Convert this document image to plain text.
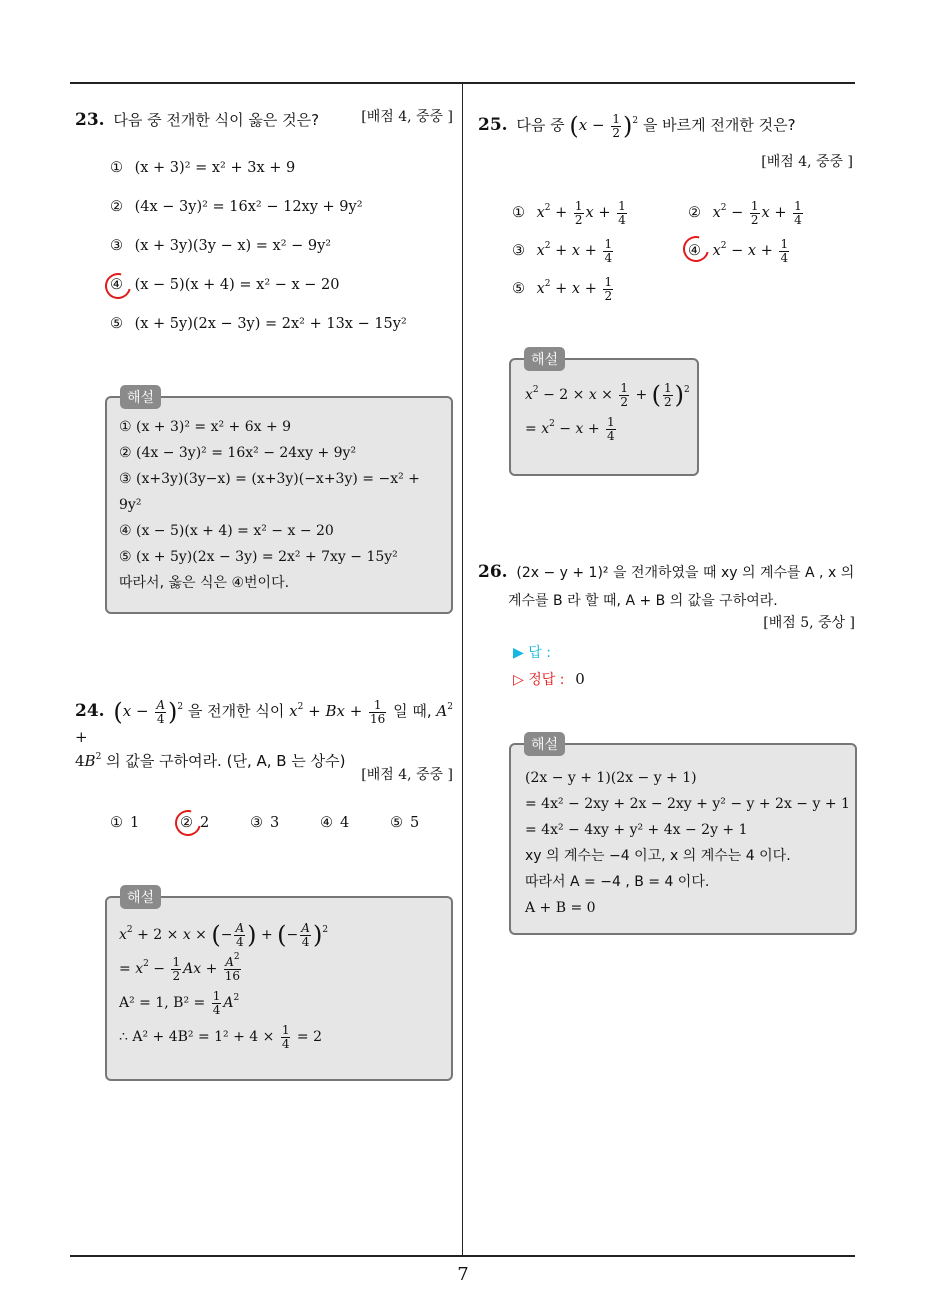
23. 다음 중 전개한 식이 옳은 것은?	[배점 4, 중중 ]
① (x + 3)² = x² + 3x + 9
② (4x − 3y)² = 16x² − 12xy + 9y²
③ (x + 3y)(3y − x) = x² − 9y²
④ (x − 5)(x + 4) = x² − x − 20
⑤ (x + 5y)(2x − 3y) = 2x² + 13x − 15y²
① (x + 3)² = x² + 6x + 9
② (4x − 3y)² = 16x² − 24xy + 9y²
③ (x+3y)(3y−x) = (x+3y)(−x+3y) = −x² +
9y²
④ (x − 5)(x + 4) = x² − x − 20
⑤ (x + 5y)(2x − 3y) = 2x² + 7xy − 15y²
따라서, 옳은 식은 ④번이다.
해설
24. $(x - \frac{A}{4} )^2$ 을 전개한 식이 $x^2 + Bx + \frac{1}{16}$ 일 때, $A^2$ +
$4B^2$ 의 값을 구하여라. (단, A, B 는 상수)
[배점 4, 중중 ]
① 1	② 2	③ 3	④ 4	⑤ 5
$x^2 + 2 \times x$ × (− $\frac{A}{4}$ ) + (− $\frac{A}{4} )^2$
= $x^2 - \frac{1}{2}$ $Ax + \frac{A^2}{16}$
A² = 1, $B^2 = \frac{1}{4} A^2$
∴ $A^2 + 4B^2 = 1^2 + 4 \times \frac{1}{4} = 2$
해설
25. 다음 중 $(x - \frac{1}{2} )^2$ 을 바르게 전개한 것은?
[배점 4, 중중 ]
① $x^2 + \frac{1}{2}$ $x + \frac{1}{4}$	② $x^2 - \frac{1}{2}$ $x + \frac{1}{4}$
③ $x^2 + x + \frac{1}{4}$	④ $x^2 - x + \frac{1}{4}$
⑤ $x^2 + x + \frac{1}{2}$
$x^2 - 2 \times x \times \frac{1}{2}$ + ( $\frac{1}{2} )^2$
= $x^2 - x + \frac{1}{4}$
해설
26. (2x − y + 1)² 을 전개하였을 때 xy 의 계수를 A , x 의
계수를 B 라 할 때, A + B 의 값을 구하여라.
[배점 5, 중상 ]
▶ 답 :
▷ 정답 : 0
(2x − y + 1)(2x − y + 1)
= 4x² − 2xy + 2x − 2xy + y² − y + 2x − y + 1
= 4x² − 4xy + y² + 4x − 2y + 1
xy 의 계수는 −4 이고, x 의 계수는 4 이다.
따라서 A = −4 , B = 4 이다.
A + B = 0
해설
7
